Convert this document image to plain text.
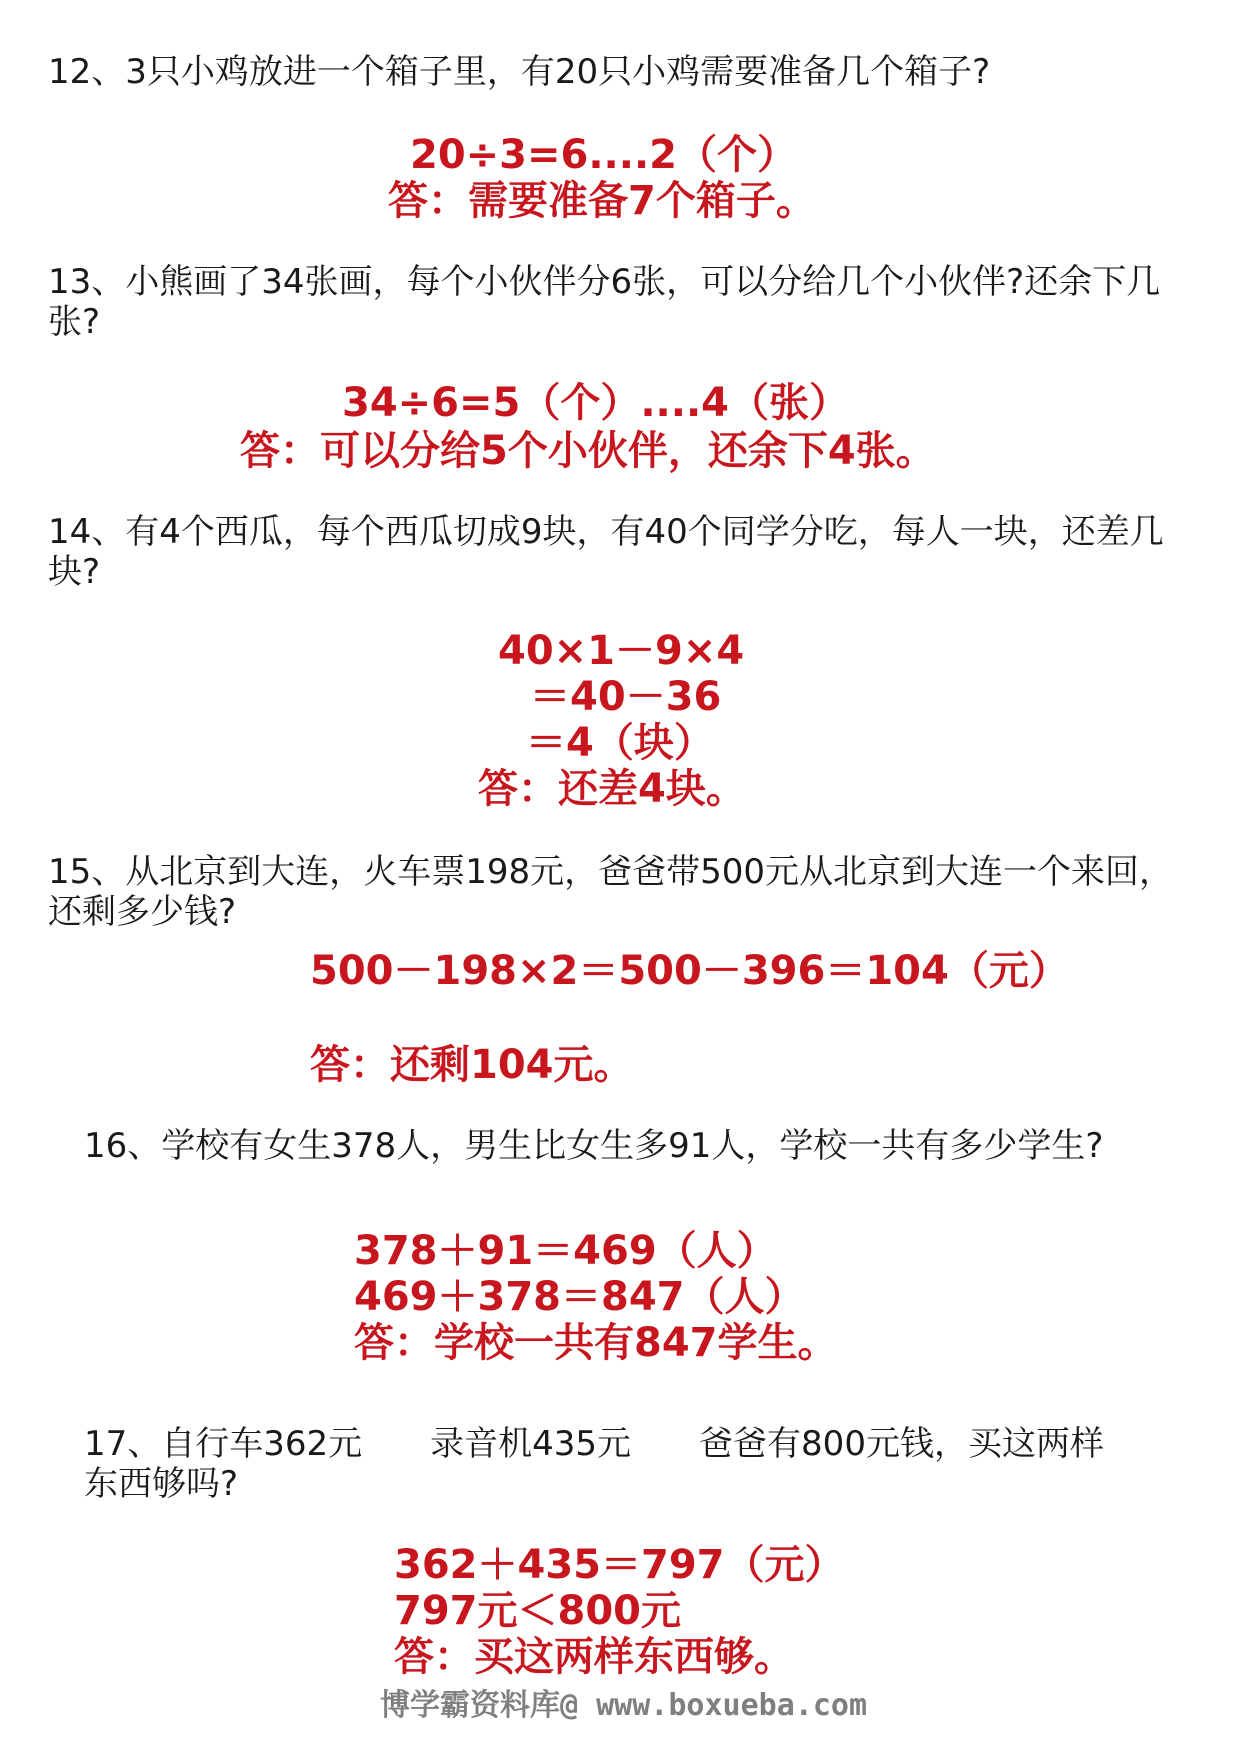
12、3只小鸡放进一个箱子里，有20只小鸡需要准备几个箱子?

20÷3=6....2（个）

答：需要准备7个箱子。

13、小熊画了34张画，每个小伙伴分6张，可以分给几个小伙伴?还余下几张?

34÷6=5（个）....4（张）

答：可以分给5个小伙伴，还余下4张。

14、有4个西瓜，每个西瓜切成9块，有40个同学分吃，每人一块，还差几块?

40×1－9×4

＝40－36

＝4（块）

答：还差4块。

15、从北京到大连，火车票198元，爸爸带500元从北京到大连一个来回，还剩多少钱?

500－198×2＝500－396＝104（元）

答：还剩104元。

16、学校有女生378人，男生比女生多91人，学校一共有多少学生?

378＋91＝469（人）

469＋378＝847（人）

答：学校一共有847学生。

17、自行车362元　　录音机435元　　爸爸有800元钱，买这两样东西够吗?

362＋435＝797（元）

797元＜800元

答：买这两样东西够。

博学霸资料库@ www.boxueba.com
